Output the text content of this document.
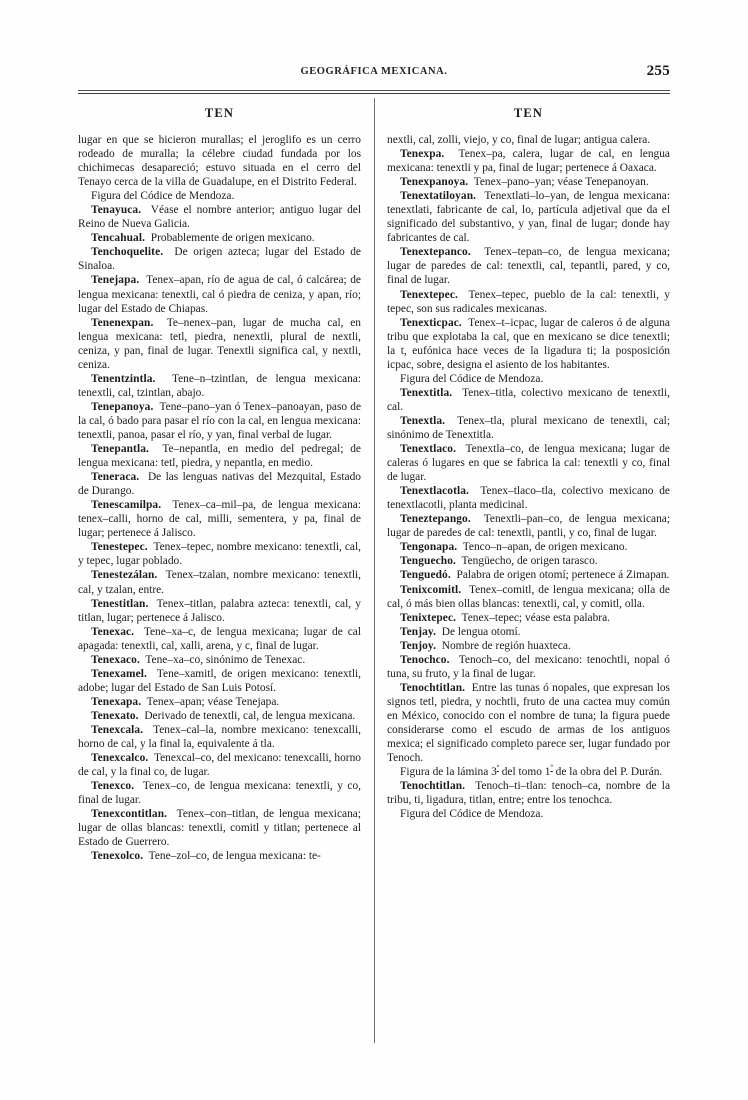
GEOGRÁFICA MEXICANA.	255
TEN

lugar en que se hicieron murallas; el jeroglifo es un cerro rodeado de muralla; la célebre ciudad fundada por los chichimecas desapareció; estuvo situada en el cerro del Tenayo cerca de la villa de Guadalupe, en el Distrito Federal.

Figura del Códice de Mendoza.

Tenayuca. Véase el nombre anterior; antiguo lugar del Reino de Nueva Galicia.

Tencahual. Probablemente de origen mexicano.

Tenchoquelite. De origen azteca; lugar del Estado de Sinaloa.

Tenejapa. Tenex–apan, río de agua de cal, ó calcárea; de lengua mexicana: tenextli, cal ó piedra de ceniza, y apan, río; lugar del Estado de Chiapas.

Tenenexpan. Te–nenex–pan, lugar de mucha cal, en lengua mexicana: tetl, piedra, nenextli, plural de nextli, ceniza, y pan, final de lugar. Tenextli significa cal, y nextli, ceniza.

Tenentzintla. Tene–n–tzintlan, de lengua mexicana: tenextli, cal, tzintlan, abajo.

Tenepanoya. Tene–pano–yan ó Tenex–panoayan, paso de la cal, ó bado para pasar el río con la cal, en lengua mexicana: tenextli, panoa, pasar el río, y yan, final verbal de lugar.

Tenepantla. Te–nepantla, en medio del pedregal; de lengua mexicana: tetl, piedra, y nepantla, en medio.

Teneraca. De las lenguas nativas del Mezquital, Estado de Durango.

Tenescamilpa. Tenex–ca–mil–pa, de lengua mexicana: tenex–calli, horno de cal, milli, sementera, y pa, final de lugar; pertenece á Jalisco.

Tenestepec. Tenex–tepec, nombre mexicano: tenextli, cal, y tepec, lugar poblado.

Tenestezálan. Tenex–tzalan, nombre mexicano: tenextli, cal, y tzalan, entre.

Tenestitlan. Tenex–titlan, palabra azteca: tenextli, cal, y titlan, lugar; pertenece á Jalisco.

Tenexac. Tene–xa–c, de lengua mexicana; lugar de cal apagada: tenextli, cal, xalli, arena, y c, final de lugar.

Tenexaco. Tene–xa–co, sinónimo de Tenexac.

Tenexamel. Tene–xamitl, de origen mexicano: tenextli, adobe; lugar del Estado de San Luis Potosí.

Tenexapa. Tenex–apan; véase Tenejapa.

Tenexato. Derivado de tenextli, cal, de lengua mexicana.

Tenexcala. Tenex–cal–la, nombre mexicano: tenexcalli, horno de cal, y la final la, equivalente á tla.

Tenexcalco. Tenexcal–co, del mexicano: tenexcalli, horno de cal, y la final co, de lugar.

Tenexco. Tenex–co, de lengua mexicana: tenextli, y co, final de lugar.

Tenexcontitlan. Tenex–con–titlan, de lengua mexicana; lugar de ollas blancas: tenextli, comitl y titlan; pertenece al Estado de Guerrero.

Tenexolco. Tene–zol–co, de lengua mexicana: te-

TEN

nextli, cal, zolli, viejo, y co, final de lugar; antigua calera.

Tenexpa. Tenex–pa, calera, lugar de cal, en lengua mexicana: tenextli y pa, final de lugar; pertenece á Oaxaca.

Tenexpanoya. Tenex–pano–yan; véase Tenepanoyan.

Tenextatiloyan. Tenextlati–lo–yan, de lengua mexicana: tenextlati, fabricante de cal, lo, partícula adjetival que da el significado del substantivo, y yan, final de lugar; donde hay fabricantes de cal.

Tenextepanco. Tenex–tepan–co, de lengua mexicana; lugar de paredes de cal: tenextli, cal, tepantli, pared, y co, final de lugar.

Tenextepec. Tenex–tepec, pueblo de la cal: tenextli, y tepec, son sus radicales mexicanas.

Tenexticpac. Tenex–t–icpac, lugar de caleros ó de alguna tribu que explotaba la cal, que en mexicano se dice tenextli; la t, eufónica hace veces de la ligadura ti; la posposición icpac, sobre, designa el asiento de los habitantes.

Figura del Códice de Mendoza.

Tenextitla. Tenex–titla, colectivo mexicano de tenextli, cal.

Tenextla. Tenex–tla, plural mexicano de tenextli, cal; sinónimo de Tenextitla.

Tenextlaco. Tenextla–co, de lengua mexicana; lugar de caleras ó lugares en que se fabrica la cal: tenextli y co, final de lugar.

Tenextlacotla. Tenex–tlaco–tla, colectivo mexicano de tenextlacotli, planta medicinal.

Teneztepango. Tenextli–pan–co, de lengua mexicana; lugar de paredes de cal: tenextli, pantli, y co, final de lugar.

Tengonapa. Tenco–n–apan, de origen mexicano.

Tenguecho. Tengüecho, de origen tarasco.

Tenguedó. Palabra de origen otomí; pertenece á Zimapan.

Tenixcomitl. Tenex–comitl, de lengua mexicana; olla de cal, ó más bien ollas blancas: tenextli, cal, y comitl, olla.

Tenixtepec. Tenex–tepec; véase esta palabra.

Tenjay. De lengua otomí.

Tenjoy. Nombre de región huaxteca.

Tenochco. Tenoch–co, del mexicano: tenochtli, nopal ó tuna, su fruto, y la final de lugar.

Tenochtitlan. Entre las tunas ó nopales, que expresan los signos tetl, piedra, y nochtli, fruto de una cactea muy común en México, conocido con el nombre de tuna; la figura puede considerarse como el escudo de armas de los antiguos mexica; el significado completo parece ser, lugar fundado por Tenoch.

Figura de la lámina $3^ª$ del tomo $1^º$ de la obra del P. Durán.

Tenochtitlan. Tenoch–ti–tlan: tenoch–ca, nombre de la tribu, ti, ligadura, titlan, entre; entre los tenochca.

Figura del Códice de Mendoza.
